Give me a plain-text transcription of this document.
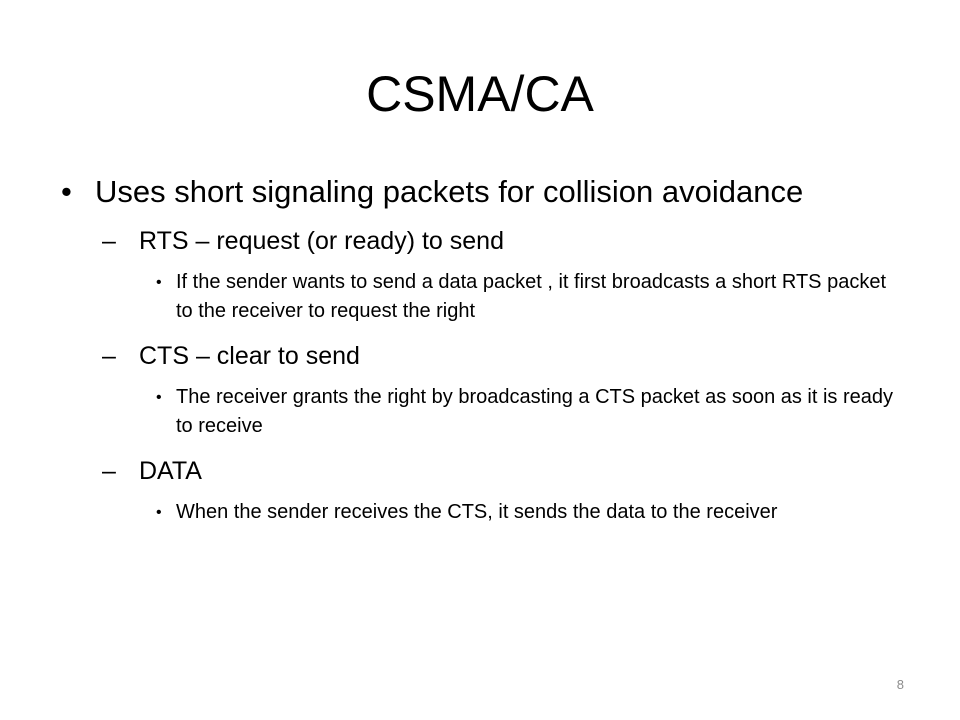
CSMA/CA
• Uses short signaling packets for collision avoidance
– RTS – request (or ready) to send
• If the sender wants to send a data packet , it first broadcasts a short RTS packet to the receiver to request the right
– CTS – clear to send
• The receiver grants the right by broadcasting a CTS packet as soon as it is ready to receive
– DATA
• When the sender receives the CTS, it sends the data to the receiver
8
